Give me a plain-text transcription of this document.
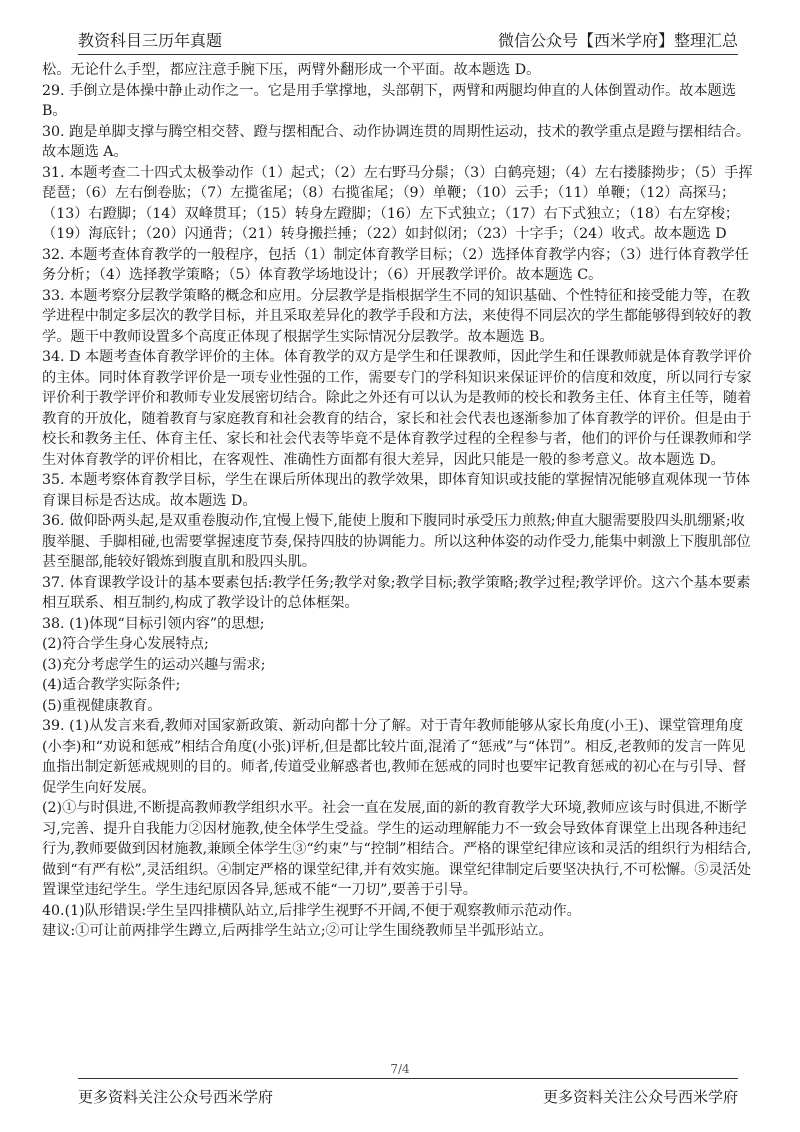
教资科目三历年真题	微信公众号【西米学府】整理汇总

松。无论什么手型，都应注意手腕下压，两臂外翻形成一个平面。故本题选 D。

29. 手倒立是体操中静止动作之一。它是用手掌撑地，头部朝下，两臂和两腿均伸直的人体倒置动作。故本题选 B。

30. 跑是单脚支撑与腾空相交替、蹬与摆相配合、动作协调连贯的周期性运动，技术的教学重点是蹬与摆相结合。故本题选 A。

31. 本题考查二十四式太极拳动作（1）起式；（2）左右野马分鬃；（3）白鹤亮翅；（4）左右搂膝拗步；（5）手挥琵琶；（6）左右倒卷肱；（7）左揽雀尾；（8）右揽雀尾；（9）单鞭；（10）云手；（11）单鞭；（12）高探马；（13）右蹬脚；（14）双峰贯耳；（15）转身左蹬脚；（16）左下式独立；（17）右下式独立；（18）右左穿梭；（19）海底针；（20）闪通背；（21）转身搬拦捶；（22）如封似闭；（23）十字手；（24）收式。故本题选 D

32. 本题考查体育教学的一般程序，包括（1）制定体育教学目标；（2）选择体育教学内容；（3）进行体育教学任务分析；（4）选择教学策略；（5）体育教学场地设计；（6）开展教学评价。故本题选 C。

33. 本题考察分层教学策略的概念和应用。分层教学是指根据学生不同的知识基础、个性特征和接受能力等，在教学进程中制定多层次的教学目标，并且采取差异化的教学手段和方法，来使得不同层次的学生都能够得到较好的教学。题干中教师设置多个高度正体现了根据学生实际情况分层教学。故本题选 B。

34. D 本题考查体育教学评价的主体。体育教学的双方是学生和任课教师，因此学生和任课教师就是体育教学评价的主体。同时体育教学评价是一项专业性强的工作，需要专门的学科知识来保证评价的信度和效度，所以同行专家评价利于教学评价和教师专业发展密切结合。除此之外还有可以认为是教师的校长和教务主任、体育主任等，随着教育的开放化，随着教育与家庭教育和社会教育的结合，家长和社会代表也逐渐参加了体育教学的评价。但是由于校长和教务主任、体育主任、家长和社会代表等毕竟不是体育教学过程的全程参与者，他们的评价与任课教师和学生对体育教学的评价相比，在客观性、准确性方面都有很大差异，因此只能是一般的参考意义。故本题选 D。

35. 本题考察体育教学目标，学生在课后所体现出的教学效果，即体育知识或技能的掌握情况能够直观体现一节体育课目标是否达成。故本题选 D。

36. 做仰卧两头起,是双重卷腹动作,宜慢上慢下,能使上腹和下腹同时承受压力煎熬;伸直大腿需要股四头肌绷紧;收腹举腿、手脚相碰,也需要掌握速度节奏,保持四肢的协调能力。所以这种体姿的动作受力,能集中刺激上下腹肌部位甚至腿部,能较好锻炼到腹直肌和股四头肌。

37. 体育课教学设计的基本要素包括:教学任务;教学对象;教学目标;教学策略;教学过程;教学评价。这六个基本要素相互联系、相互制约,构成了教学设计的总体框架。

38. (1)体现“目标引领内容”的思想;

(2)符合学生身心发展特点;

(3)充分考虑学生的运动兴趣与需求;

(4)适合教学实际条件;

(5)重视健康教育。

39. (1)从发言来看,教师对国家新政策、新动向都十分了解。对于青年教师能够从家长角度(小王)、课堂管理角度(小李)和“劝说和惩戒”相结合角度(小张)评析,但是都比较片面,混淆了“惩戒”与“体罚”。相反,老教师的发言一阵见血指出制定新惩戒规则的目的。师者,传道受业解惑者也,教师在惩戒的同时也要牢记教育惩戒的初心在与引导、督促学生向好发展。

(2)①与时俱进,不断提高教师教学组织水平。社会一直在发展,面的新的教育教学大环境,教师应该与时俱进,不断学习,完善、提升自我能力②因材施教,使全体学生受益。学生的运动理解能力不一致会导致体育课堂上出现各种违纪行为,教师要做到因材施教,兼顾全体学生③“约束”与“控制”相结合。严格的课堂纪律应该和灵活的组织行为相结合,做到“有严有松”,灵活组织。④制定严格的课堂纪律,并有效实施。课堂纪律制定后要坚决执行,不可松懈。⑤灵活处置课堂违纪学生。学生违纪原因各异,惩戒不能“一刀切”,要善于引导。

40.(1)队形错误:学生呈四排横队站立,后排学生视野不开阔,不便于观察教师示范动作。

建议:①可让前两排学生蹲立,后两排学生站立;②可让学生围绕教师呈半弧形站立。

7/4
更多资料关注公众号西米学府	更多资料关注公众号西米学府
